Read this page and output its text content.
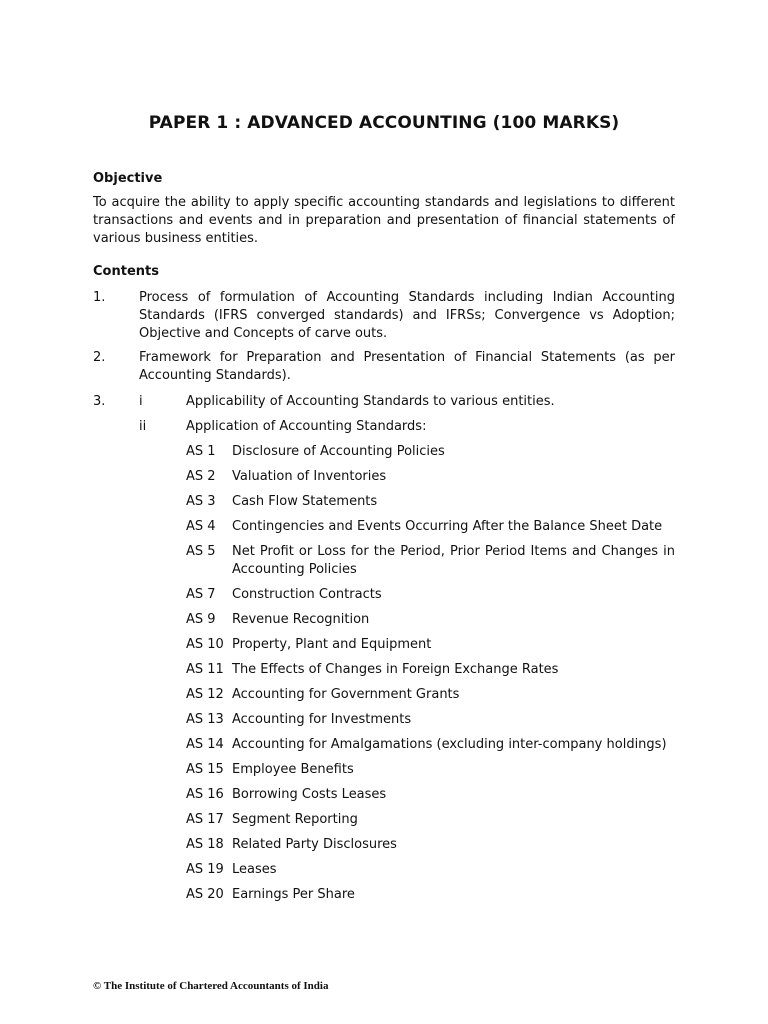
PAPER 1 : ADVANCED ACCOUNTING (100 MARKS)
Objective
To acquire the ability to apply specific accounting standards and legislations to different transactions and events and in preparation and presentation of financial statements of various business entities.
Contents
1.	Process of formulation of Accounting Standards including Indian Accounting Standards (IFRS converged standards) and IFRSs; Convergence vs Adoption; Objective and Concepts of carve outs.
2.	Framework for Preparation and Presentation of Financial Statements (as per Accounting Standards).
3.	i	Applicability of Accounting Standards to various entities.
ii	Application of Accounting Standards:
AS 1	Disclosure of Accounting Policies
AS 2	Valuation of Inventories
AS 3	Cash Flow Statements
AS 4	Contingencies and Events Occurring After the Balance Sheet Date
AS 5	Net Profit or Loss for the Period, Prior Period Items and Changes in Accounting Policies
AS 7	Construction Contracts
AS 9	Revenue Recognition
AS 10 Property, Plant and Equipment
AS 11 The Effects of Changes in Foreign Exchange Rates
AS 12 Accounting for Government Grants
AS 13 Accounting for Investments
AS 14 Accounting for Amalgamations (excluding inter-company holdings)
AS 15 Employee Benefits
AS 16 Borrowing Costs Leases
AS 17 Segment Reporting
AS 18 Related Party Disclosures
AS 19 Leases
AS 20 Earnings Per Share
© The Institute of Chartered Accountants of India
